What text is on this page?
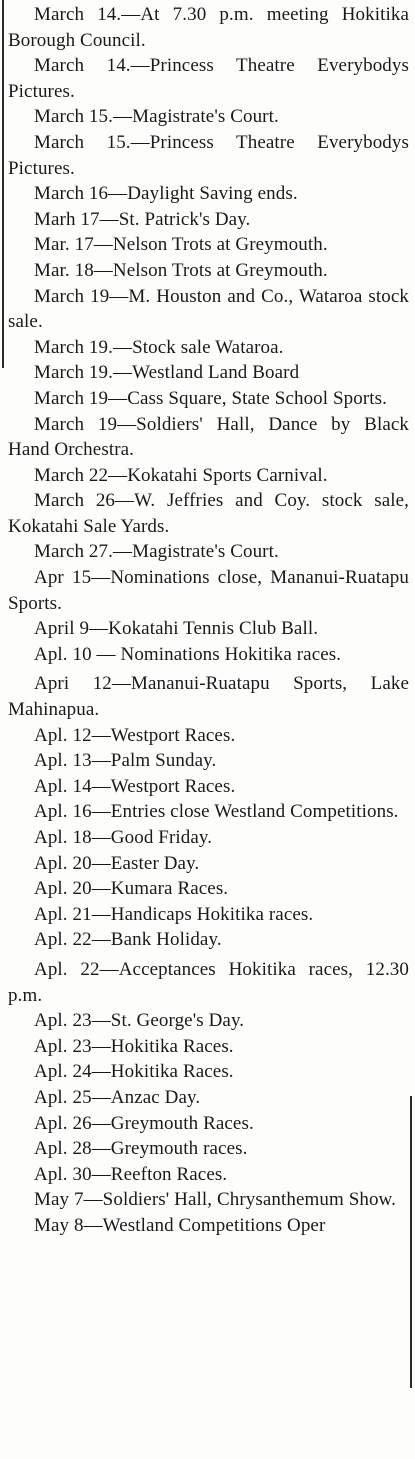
March 14.—At 7.30 p.m. meeting Hokitika Borough Council.

March 14.—Princess Theatre Everybodys Pictures.

March 15.—Magistrate's Court.

March 15.—Princess Theatre Everybodys Pictures.

March 16—Daylight Saving ends.

Marh 17—St. Patrick's Day.

Mar. 17—Nelson Trots at Greymouth.

Mar. 18—Nelson Trots at Greymouth.

March 19—M. Houston and Co., Wataroa stock sale.

March 19.—Stock sale Wataroa.

March 19.—Westland Land Board

March 19—Cass Square, State School Sports.

March 19—Soldiers' Hall, Dance by Black Hand Orchestra.

March 22—Kokatahi Sports Carnival.

March 26—W. Jeffries and Coy. stock sale, Kokatahi Sale Yards.

March 27.—Magistrate's Court.

Apr 15—Nominations close, Mananui-Ruatapu Sports.

April 9—Kokatahi Tennis Club Ball.

Apl. 10 — Nominations Hokitika races.

Apri 12—Mananui-Ruatapu Sports, Lake Mahinapua.

Apl. 12—Westport Races.

Apl. 13—Palm Sunday.

Apl. 14—Westport Races.

Apl. 16—Entries close Westland Competitions.

Apl. 18—Good Friday.

Apl. 20—Easter Day.

Apl. 20—Kumara Races.

Apl. 21—Handicaps Hokitika races.

Apl. 22—Bank Holiday.

Apl. 22—Acceptances Hokitika races, 12.30 p.m.

Apl. 23—St. George's Day.

Apl. 23—Hokitika Races.

Apl. 24—Hokitika Races.

Apl. 25—Anzac Day.

Apl. 26—Greymouth Races.

Apl. 28—Greymouth races.

Apl. 30—Reefton Races.

May 7—Soldiers' Hall, Chrysanthemum Show.

May 8—Westland Competitions Oper
